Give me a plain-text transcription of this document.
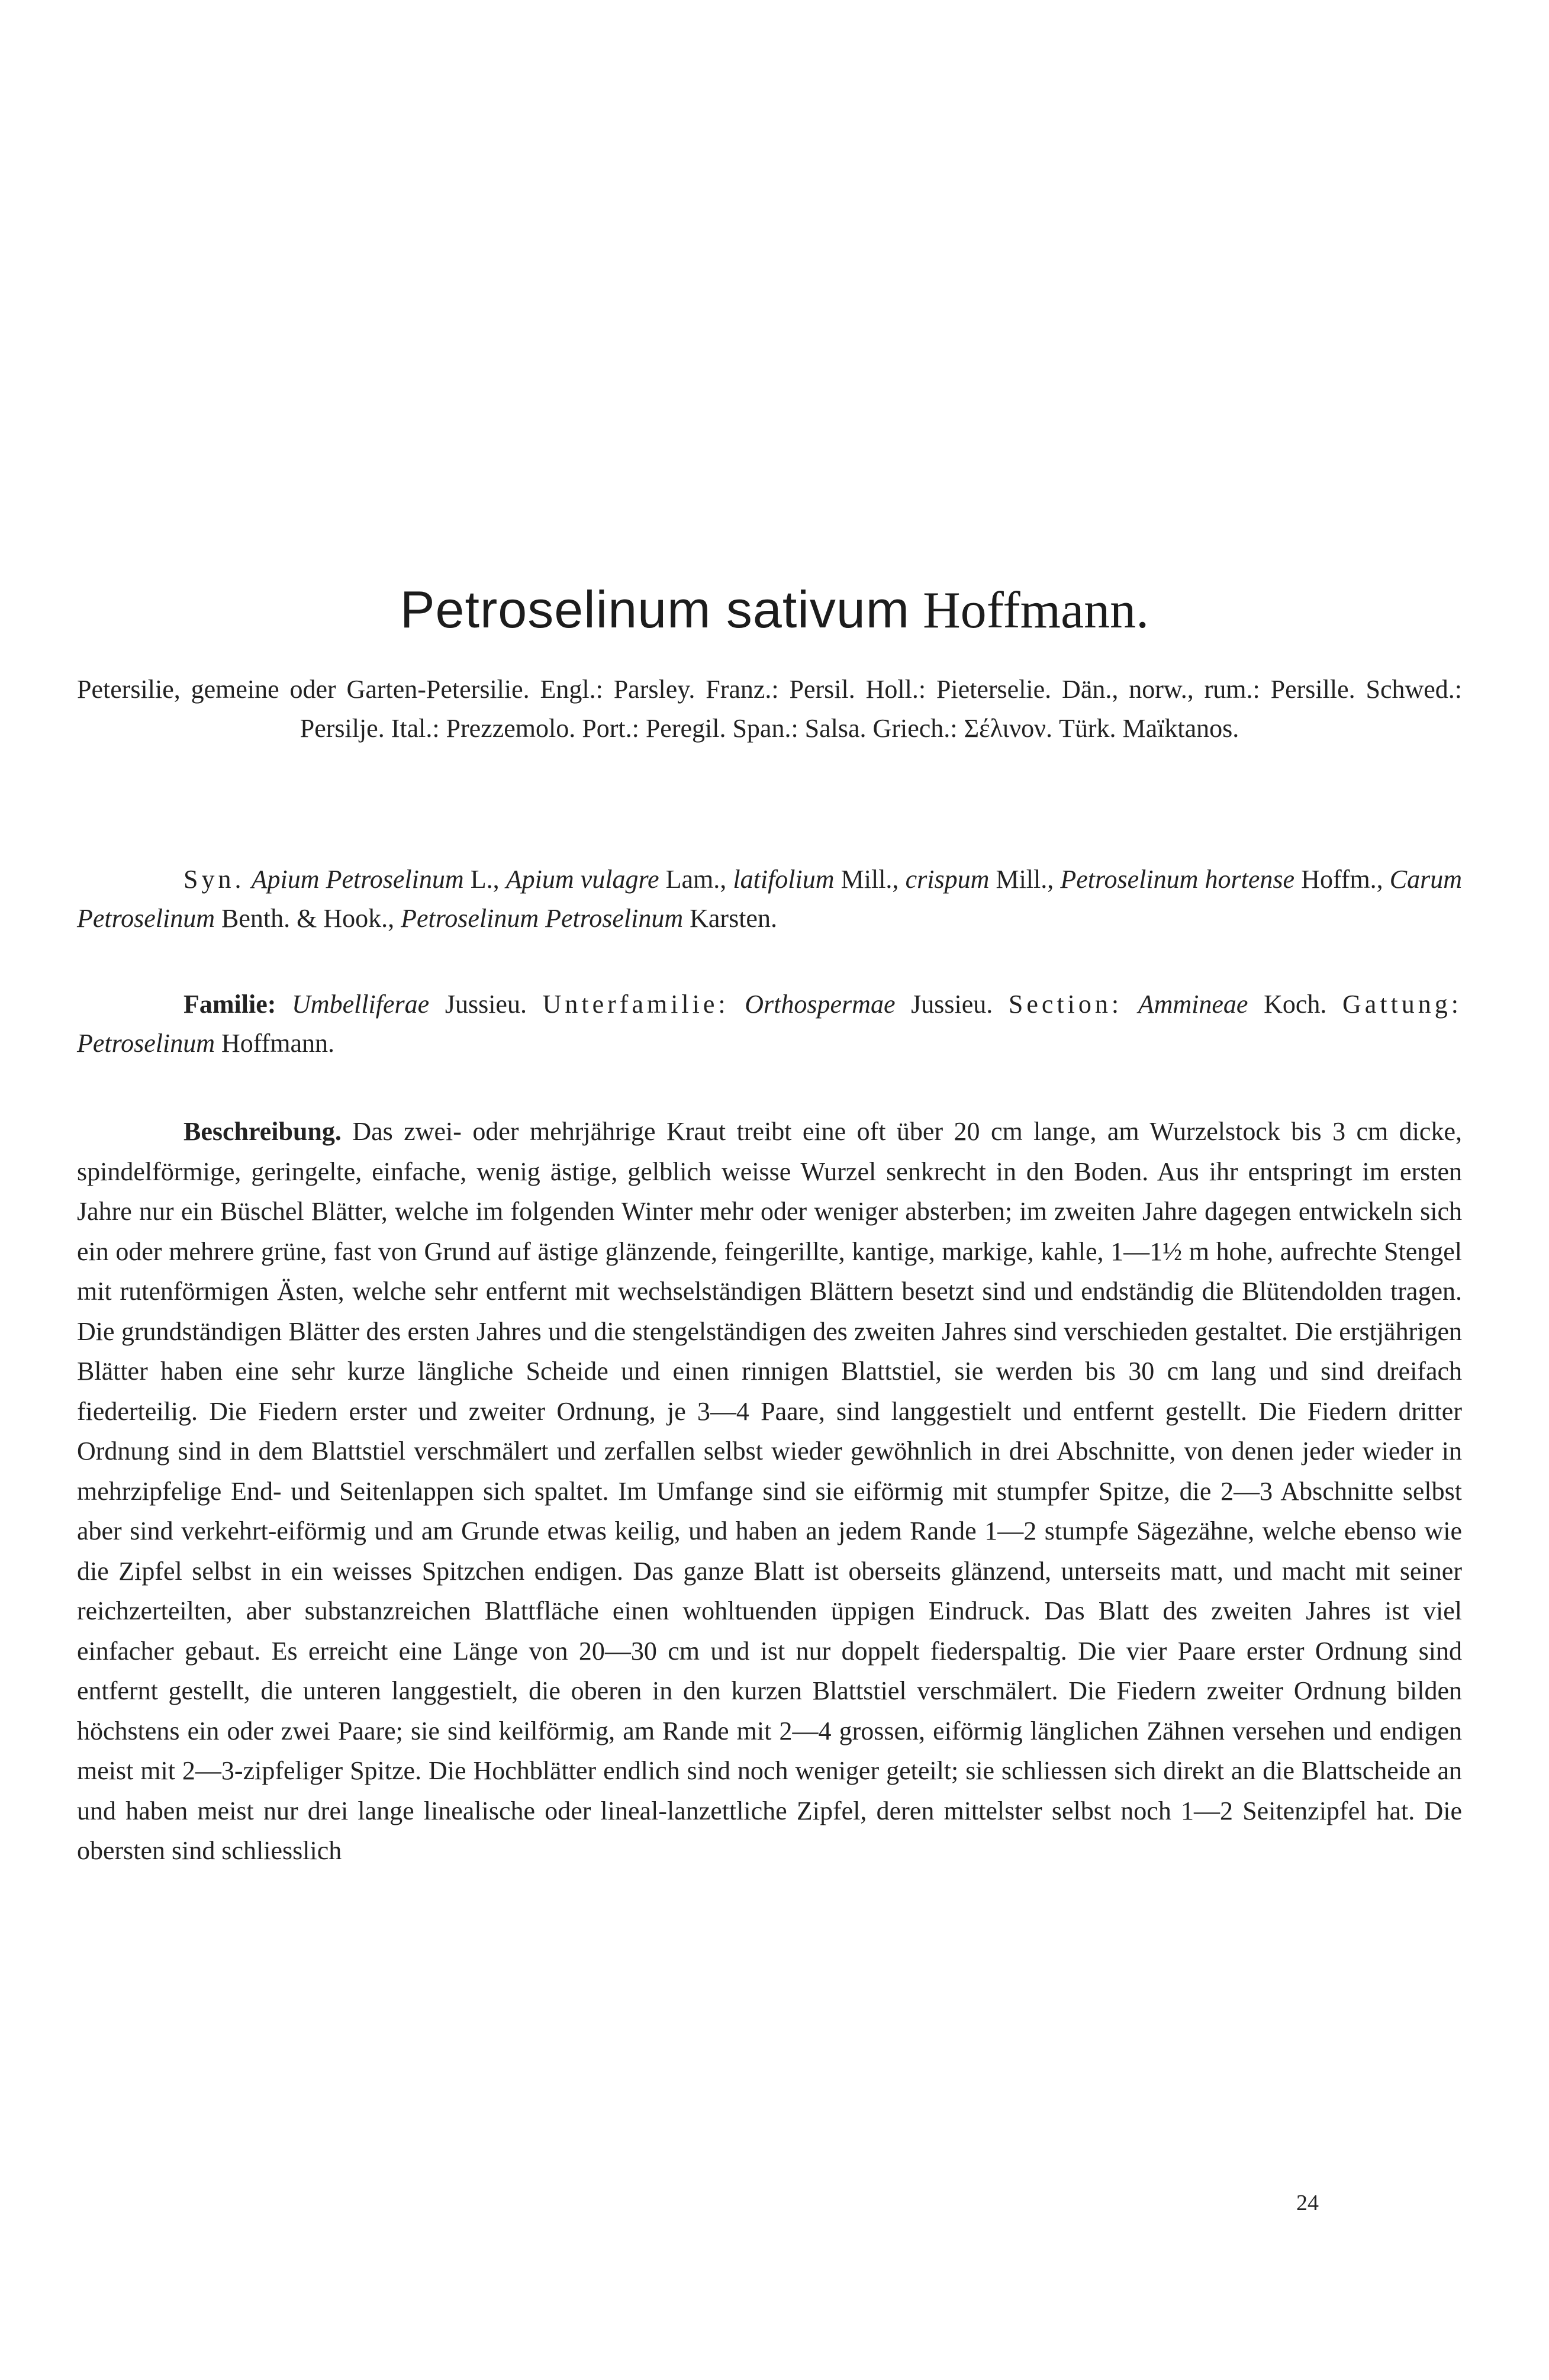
Petroselinum sativum Hoffmann.
Petersilie, gemeine oder Garten-Petersilie. Engl.: Parsley. Franz.: Persil. Holl.: Pieterselie. Dän., norw., rum.: Persille. Schwed.: Persilje. Ital.: Prezzemolo. Port.: Peregil. Span.: Salsa. Griech.: Σέλινον. Türk. Maïktanos.
Syn. Apium Petroselinum L., Apium vulagre Lam., latifolium Mill., crispum Mill., Petroselinum hortense Hoffm., Carum Petroselinum Benth. & Hook., Petroselinum Petroselinum Karsten.
Familie: Umbelliferae Jussieu. Unterfamilie: Orthospermae Jussieu. Section: Ammineae Koch. Gattung: Petroselinum Hoffmann.
Beschreibung. Das zwei- oder mehrjährige Kraut treibt eine oft über 20 cm lange, am Wurzelstock bis 3 cm dicke, spindelförmige, geringelte, einfache, wenig ästige, gelblich weisse Wurzel senkrecht in den Boden. Aus ihr entspringt im ersten Jahre nur ein Büschel Blätter, welche im folgenden Winter mehr oder weniger absterben; im zweiten Jahre dagegen entwickeln sich ein oder mehrere grüne, fast von Grund auf ästige glänzende, feingerillte, kantige, markige, kahle, 1—1½ m hohe, aufrechte Stengel mit rutenförmigen Ästen, welche sehr entfernt mit wechselständigen Blättern besetzt sind und endständig die Blütendolden tragen. Die grundständigen Blätter des ersten Jahres und die stengelständigen des zweiten Jahres sind verschieden gestaltet. Die erstjährigen Blätter haben eine sehr kurze längliche Scheide und einen rinnigen Blattstiel, sie werden bis 30 cm lang und sind dreifach fiederteilig. Die Fiedern erster und zweiter Ordnung, je 3—4 Paare, sind langgestielt und entfernt gestellt. Die Fiedern dritter Ordnung sind in dem Blattstiel verschmälert und zerfallen selbst wieder gewöhnlich in drei Abschnitte, von denen jeder wieder in mehrzipfelige End- und Seitenlappen sich spaltet. Im Umfange sind sie eiförmig mit stumpfer Spitze, die 2—3 Abschnitte selbst aber sind verkehrt-eiförmig und am Grunde etwas keilig, und haben an jedem Rande 1—2 stumpfe Sägezähne, welche ebenso wie die Zipfel selbst in ein weisses Spitzchen endigen. Das ganze Blatt ist oberseits glänzend, unterseits matt, und macht mit seiner reichzerteilten, aber substanzreichen Blattfläche einen wohltuenden üppigen Eindruck. Das Blatt des zweiten Jahres ist viel einfacher gebaut. Es erreicht eine Länge von 20—30 cm und ist nur doppelt fiederspaltig. Die vier Paare erster Ordnung sind entfernt gestellt, die unteren langgestielt, die oberen in den kurzen Blattstiel verschmälert. Die Fiedern zweiter Ordnung bilden höchstens ein oder zwei Paare; sie sind keilförmig, am Rande mit 2—4 grossen, eiförmig länglichen Zähnen versehen und endigen meist mit 2—3-zipfeliger Spitze. Die Hochblätter endlich sind noch weniger geteilt; sie schliessen sich direkt an die Blattscheide an und haben meist nur drei lange linealische oder lineal-lanzettliche Zipfel, deren mittelster selbst noch 1—2 Seitenzipfel hat. Die obersten sind schliesslich
24
